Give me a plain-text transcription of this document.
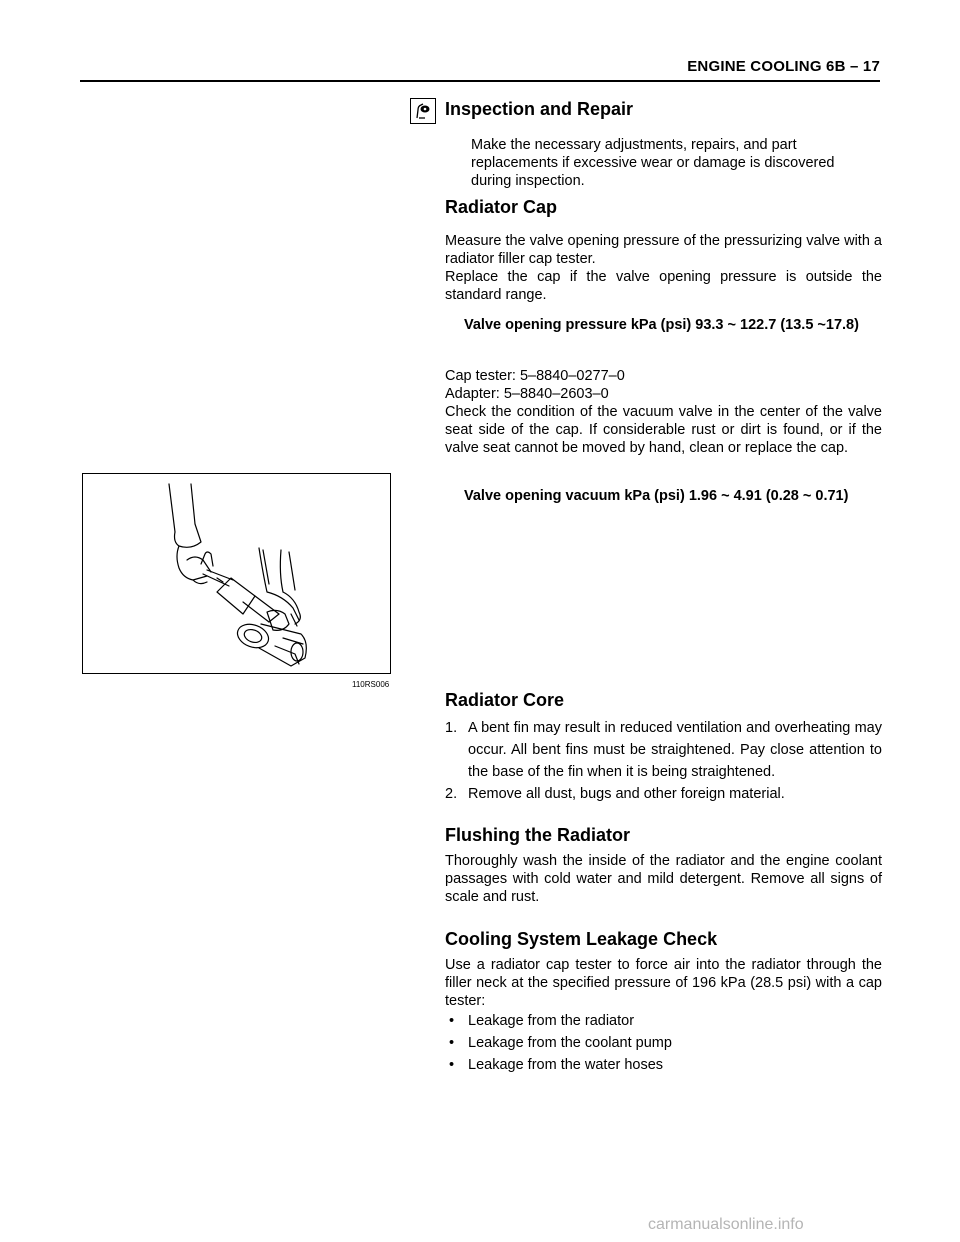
ENGINE COOLING 6B – 17
Inspection and Repair
Make the necessary adjustments, repairs, and part
replacements if excessive wear or damage is discovered
during inspection.
Radiator Cap
Measure the valve opening pressure of the pressurizing valve with a radiator filler cap tester.
Replace the cap if the valve opening pressure is outside the standard range.
Valve opening pressure kPa (psi) 93.3 ~ 122.7 (13.5 ~17.8)
Cap tester: 5–8840–0277–0
Adapter: 5–8840–2603–0
Check the condition of the vacuum valve in the center of the valve seat side of the cap. If considerable rust or dirt is found, or if the valve seat cannot be moved by hand, clean or replace the cap.
Valve opening vacuum kPa (psi) 1.96 ~ 4.91 (0.28 ~ 0.71)
110RS006
Radiator Core
1. A bent fin may result in reduced ventilation and overheating may occur. All bent fins must be straightened. Pay close attention to the base of the fin when it is being straightened.
2. Remove all dust, bugs and other foreign material.
Flushing the Radiator
Thoroughly wash the inside of the radiator and the engine coolant passages with cold water and mild detergent. Remove all signs of scale and rust.
Cooling System Leakage Check
Use a radiator cap tester to force air into the radiator through the filler neck at the specified pressure of 196 kPa (28.5 psi) with a cap tester:
• Leakage from the radiator
• Leakage from the coolant pump
• Leakage from the water hoses
carmanualsonline.info
